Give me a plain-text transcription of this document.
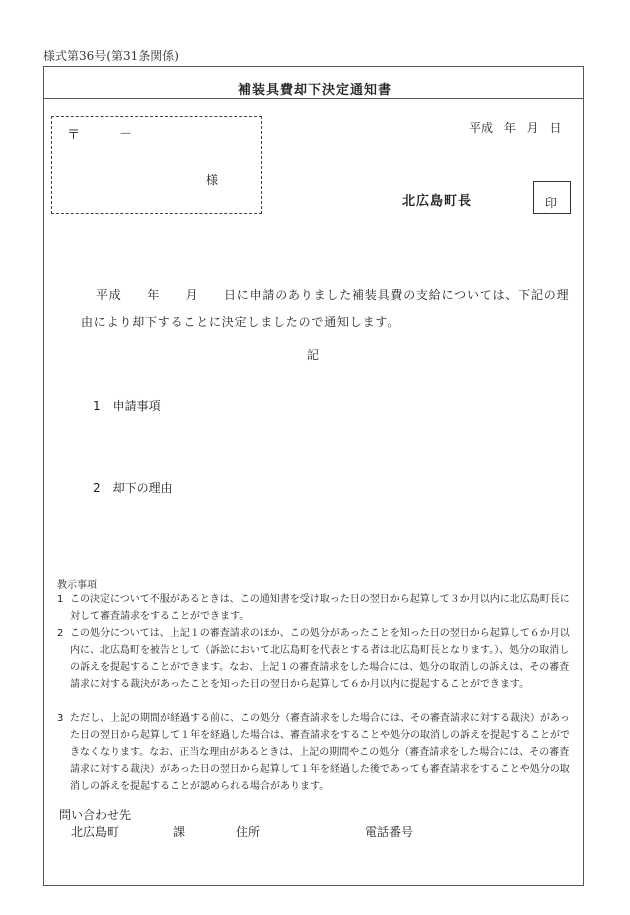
様式第36号(第31条関係)
補装具費却下決定通知書
〒	－
様
平成 年 月 日
北広島町長	印
平成　　年　　月　　日に申請のありました補装具費の支給については、下記の理
由により却下することに決定しましたので通知します。
記
1　 申請事項
2　 却下の理由
教示事項
1 この決定について不服があるときは、この通知書を受け取った日の翌日から起算して３か月以内に北広島町長に対して審査請求をすることができます。
2 この処分については、上記１の審査請求のほか、この処分があったことを知った日の翌日から起算して６か月以内に、北広島町を被告として（訴訟において北広島町を代表とする者は北広島町長となります。）、処分の取消しの訴えを提起することができます。なお、上記１の審査請求をした場合には、処分の取消しの訴えは、その審査請求に対する裁決があったことを知った日の翌日から起算して６か月以内に提起することができます。
3 ただし、上記の期間が経過する前に、この処分（審査請求をした場合には、その審査請求に対する裁決）があった日の翌日から起算して１年を経過した場合は、審査請求をすることや処分の取消しの訴えを提起することができなくなります。なお、正当な理由があるときは、上記の期間やこの処分（審査請求をした場合には、その審査請求に対する裁決）があった日の翌日から起算して１年を経過した後であっても審査請求をすることや処分の取消しの訴えを提起することが認められる場合があります。
問い合わせ先
北広島町	課	住所	電話番号
